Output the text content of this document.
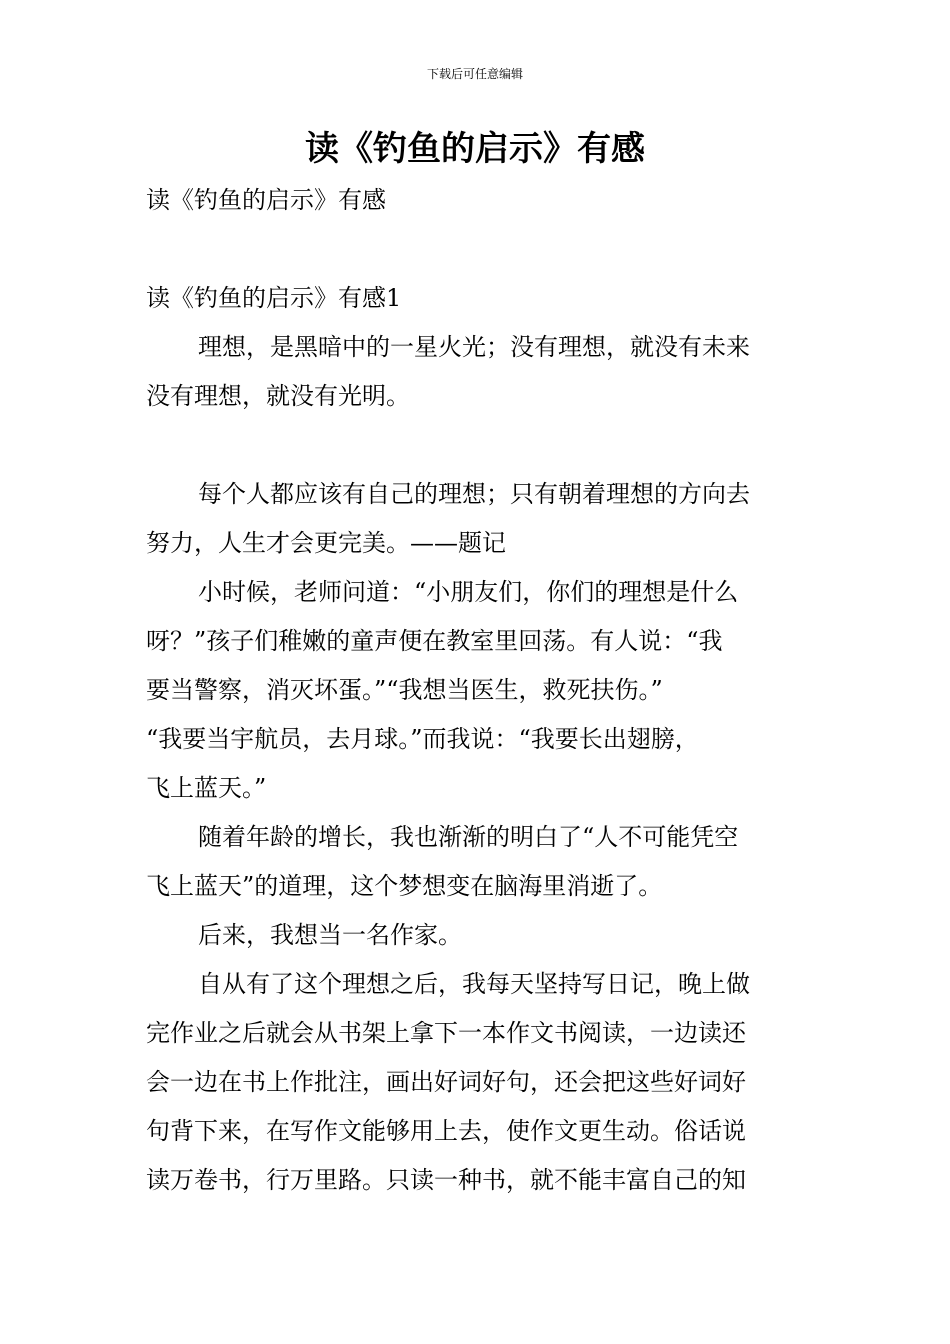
下载后可任意编辑
读《钓鱼的启示》有感
读《钓鱼的启示》有感
读《钓鱼的启示》有感1
理想，是黑暗中的一星火光；没有理想，就没有未来
没有理想，就没有光明。
每个人都应该有自己的理想；只有朝着理想的方向去
努力，人生才会更完美。——题记
小时候，老师问道：“小朋友们，你们的理想是什么
呀？”孩子们稚嫩的童声便在教室里回荡。有人说：“我
要当警察，消灭坏蛋。”“我想当医生，救死扶伤。”
“我要当宇航员，去月球。”而我说：“我要长出翅膀，
飞上蓝天。”
随着年龄的增长，我也渐渐的明白了“人不可能凭空
飞上蓝天”的道理，这个梦想变在脑海里消逝了。
后来，我想当一名作家。
自从有了这个理想之后，我每天坚持写日记，晚上做
完作业之后就会从书架上拿下一本作文书阅读，一边读还
会一边在书上作批注，画出好词好句，还会把这些好词好
句背下来，在写作文能够用上去，使作文更生动。俗话说
读万卷书，行万里路。只读一种书，就不能丰富自己的知
